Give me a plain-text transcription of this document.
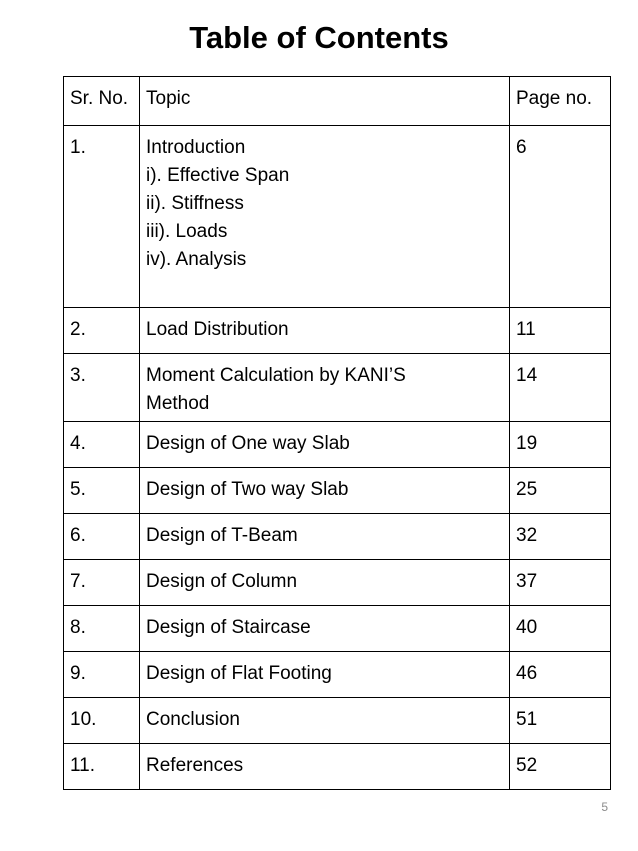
Table of Contents
Sr. No.	Topic	Page no.
1.	Introduction
i). Effective Span
ii). Stiffness
iii). Loads
iv). Analysis	6
2.	Load Distribution	11
3.	Moment Calculation by KANI’S
Method	14
4.	Design of One way Slab	19
5.	Design of Two way Slab	25
6.	Design of T-Beam	32
7.	Design of Column	37
8.	Design of Staircase	40
9.	Design of Flat Footing	46
10.	Conclusion	51
11.	References	52
5
